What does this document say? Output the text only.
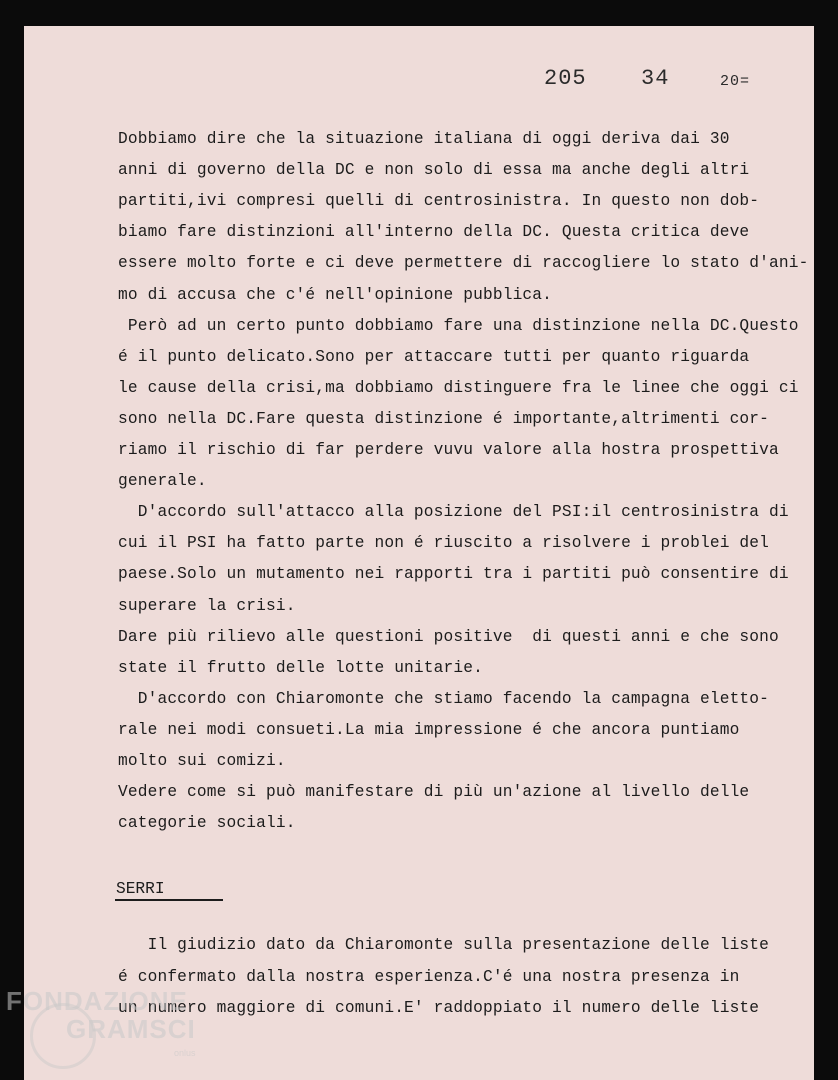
205 34	20=
Dobbiamo dire che la situazione italiana di oggi deriva dai 30
anni di governo della DC e non solo di essa ma anche degli altri
partiti,ivi compresi quelli di centrosinistra. In questo non dob-
biamo fare distinzioni all'interno della DC. Questa critica deve
essere molto forte e ci deve permettere di raccogliere lo stato d'ani-
mo di accusa che c'é nell'opinione pubblica.
Però ad un certo punto dobbiamo fare una distinzione nella DC.Questo
é il punto delicato.Sono per attaccare tutti per quanto riguarda
le cause della crisi,ma dobbiamo distinguere fra le linee che oggi ci
sono nella DC.Fare questa distinzione é importante,altrimenti cor-
riamo il rischio di far perdere vuvu valore alla hostra prospettiva
generale.
D'accordo sull'attacco alla posizione del PSI:il centrosinistra di
cui il PSI ha fatto parte non é riuscito a risolvere i problei del
paese.Solo un mutamento nei rapporti tra i partiti può consentire di
superare la crisi.
Dare più rilievo alle questioni positive  di questi anni e che sono
state il frutto delle lotte unitarie.
D'accordo con Chiaromonte che stiamo facendo la campagna eletto-
rale nei modi consueti.La mia impressione é che ancora puntiamo
molto sui comizi.
Vedere come si può manifestare di più un'azione al livello delle
categorie sociali.
SERRI
Il giudizio dato da Chiaromonte sulla presentazione delle liste
é confermato dalla nostra esperienza.C'é una nostra presenza in
un numero maggiore di comuni.E' raddoppiato il numero delle liste
FONDAZIONE
GRAMSCI
onlus
